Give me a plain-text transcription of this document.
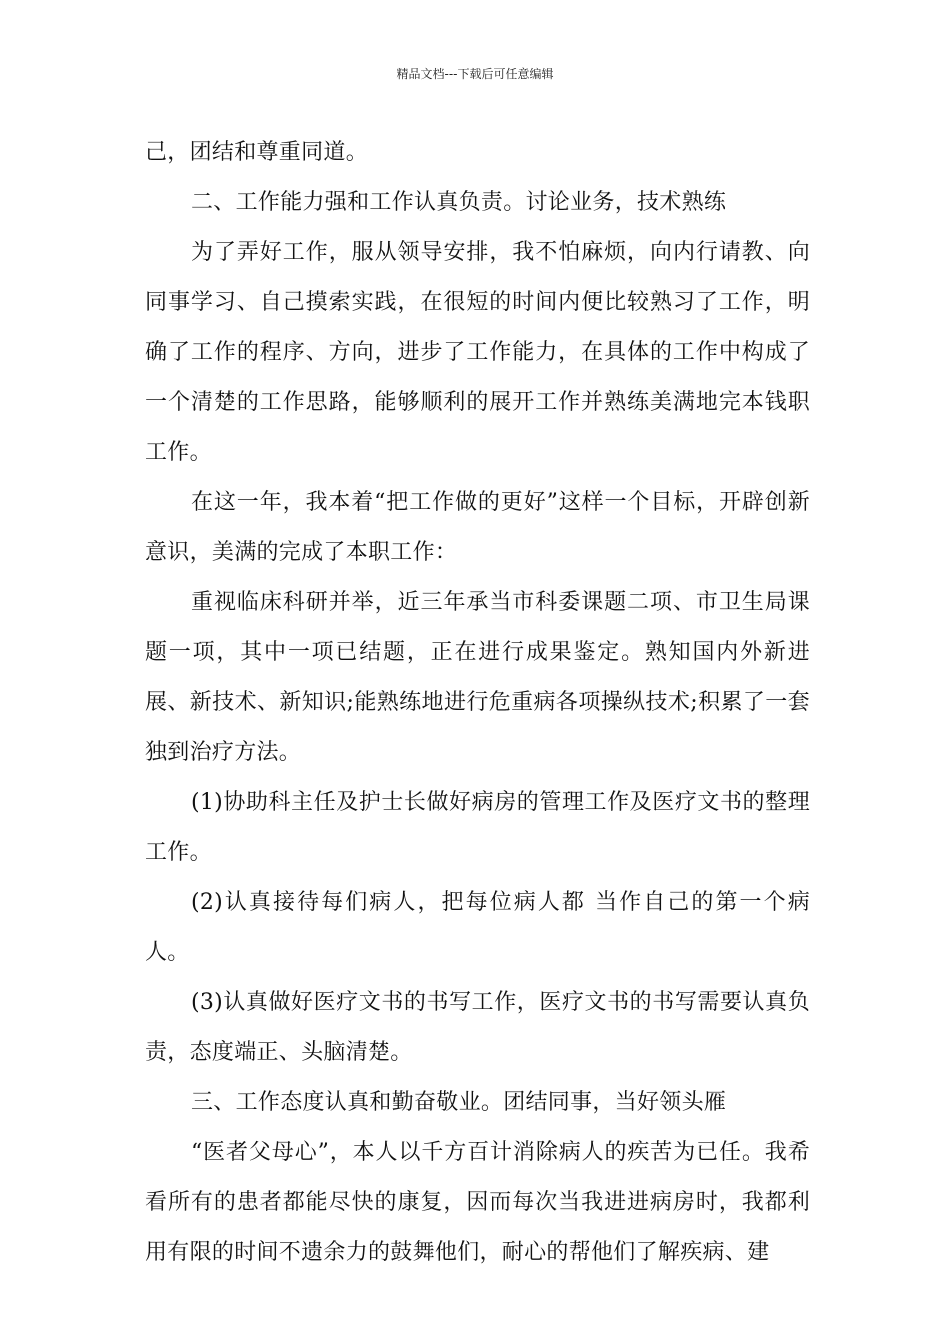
精品文档---下载后可任意编辑

己，团结和尊重同道。

二、工作能力强和工作认真负责。讨论业务，技术熟练

为了弄好工作，服从领导安排，我不怕麻烦，向内行请教、向同事学习、自己摸索实践，在很短的时间内便比较熟习了工作，明确了工作的程序、方向，进步了工作能力，在具体的工作中构成了一个清楚的工作思路，能够顺利的展开工作并熟练美满地完本钱职工作。

在这一年，我本着“把工作做的更好”这样一个目标，开辟创新意识，美满的完成了本职工作：

重视临床科研并举，近三年承当市科委课题二项、市卫生局课题一项，其中一项已结题，正在进行成果鉴定。熟知国内外新进展、新技术、新知识;能熟练地进行危重病各项操纵技术;积累了一套独到治疗方法。

(1)协助科主任及护士长做好病房的管理工作及医疗文书的整理工作。

(2)认真接待每们病人，把每位病人都 当作自己的第一个病人。

(3)认真做好医疗文书的书写工作，医疗文书的书写需要认真负责，态度端正、头脑清楚。

三、工作态度认真和勤奋敬业。团结同事，当好领头雁

“医者父母心”，本人以千方百计消除病人的疾苦为已任。我希看所有的患者都能尽快的康复，因而每次当我进进病房时，我都利用有限的时间不遗余力的鼓舞他们，耐心的帮他们了解疾病、建
